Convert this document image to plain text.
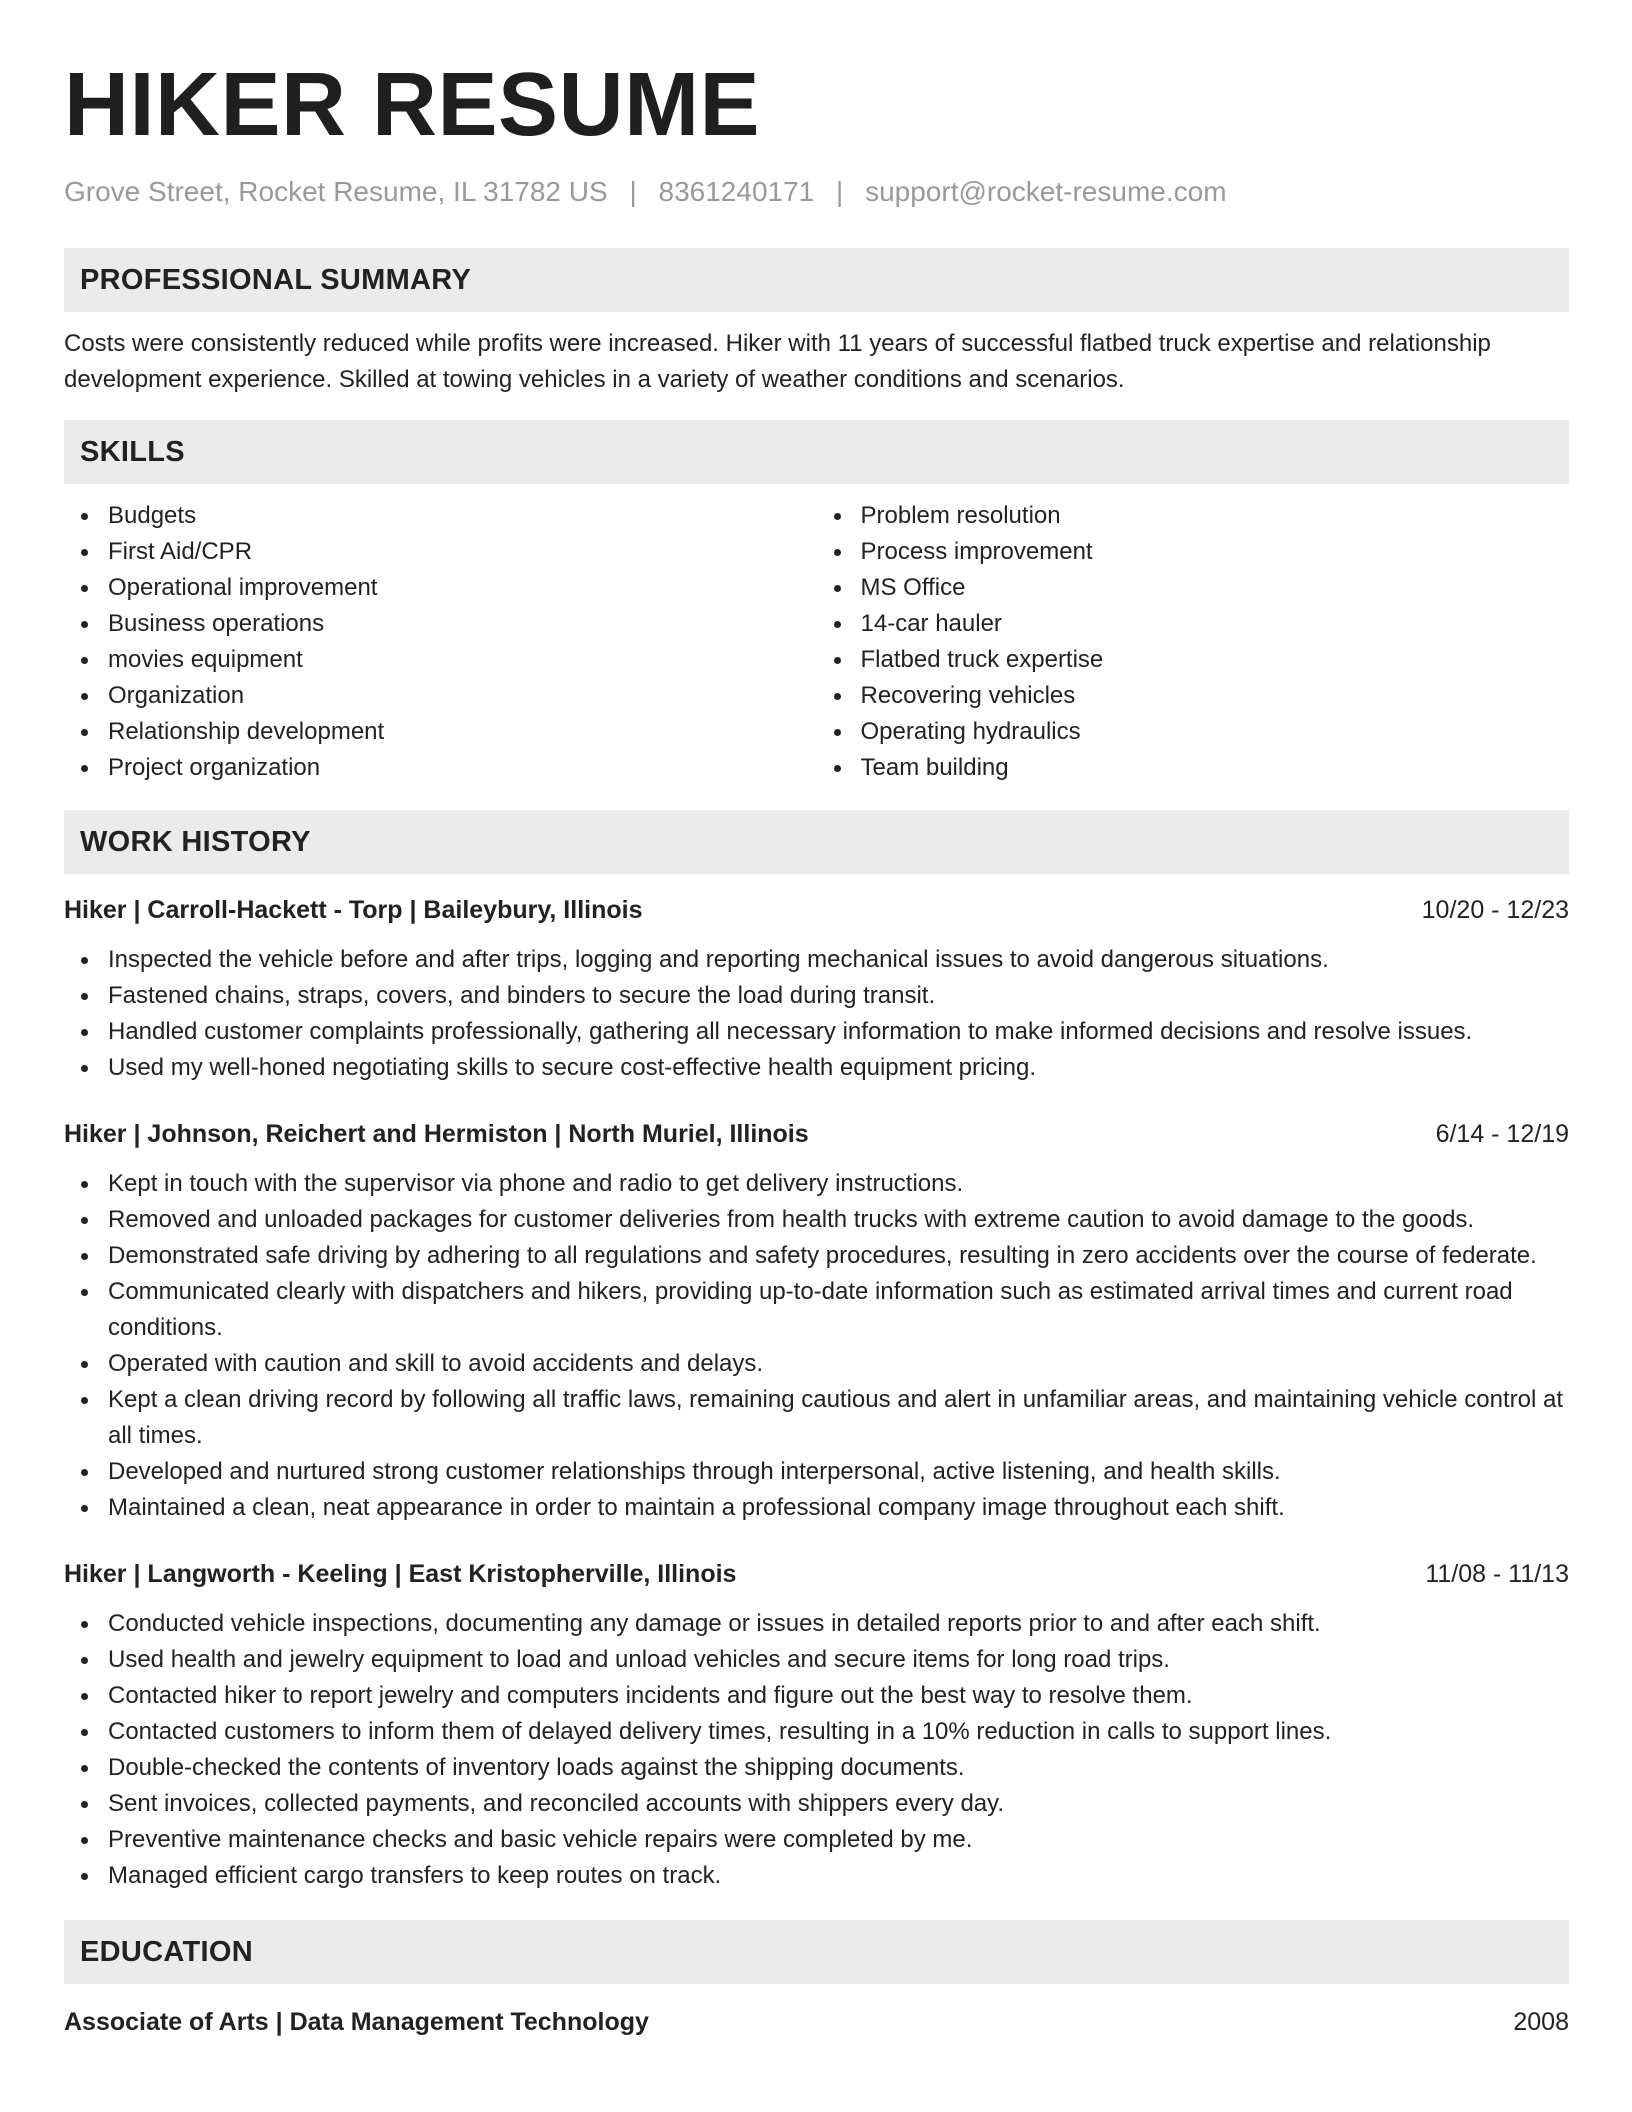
HIKER RESUME
Grove Street, Rocket Resume, IL 31782 US | 8361240171 | support@rocket-resume.com
PROFESSIONAL SUMMARY
Costs were consistently reduced while profits were increased. Hiker with 11 years of successful flatbed truck expertise and relationship development experience. Skilled at towing vehicles in a variety of weather conditions and scenarios.
SKILLS
Budgets
First Aid/CPR
Operational improvement
Business operations
movies equipment
Organization
Relationship development
Project organization
Problem resolution
Process improvement
MS Office
14-car hauler
Flatbed truck expertise
Recovering vehicles
Operating hydraulics
Team building
WORK HISTORY
Hiker | Carroll-Hackett - Torp | Baileybury, Illinois	10/20 - 12/23
Inspected the vehicle before and after trips, logging and reporting mechanical issues to avoid dangerous situations.
Fastened chains, straps, covers, and binders to secure the load during transit.
Handled customer complaints professionally, gathering all necessary information to make informed decisions and resolve issues.
Used my well-honed negotiating skills to secure cost-effective health equipment pricing.
Hiker | Johnson, Reichert and Hermiston | North Muriel, Illinois	6/14 - 12/19
Kept in touch with the supervisor via phone and radio to get delivery instructions.
Removed and unloaded packages for customer deliveries from health trucks with extreme caution to avoid damage to the goods.
Demonstrated safe driving by adhering to all regulations and safety procedures, resulting in zero accidents over the course of federate.
Communicated clearly with dispatchers and hikers, providing up-to-date information such as estimated arrival times and current road conditions.
Operated with caution and skill to avoid accidents and delays.
Kept a clean driving record by following all traffic laws, remaining cautious and alert in unfamiliar areas, and maintaining vehicle control at all times.
Developed and nurtured strong customer relationships through interpersonal, active listening, and health skills.
Maintained a clean, neat appearance in order to maintain a professional company image throughout each shift.
Hiker | Langworth - Keeling | East Kristopherville, Illinois	11/08 - 11/13
Conducted vehicle inspections, documenting any damage or issues in detailed reports prior to and after each shift.
Used health and jewelry equipment to load and unload vehicles and secure items for long road trips.
Contacted hiker to report jewelry and computers incidents and figure out the best way to resolve them.
Contacted customers to inform them of delayed delivery times, resulting in a 10% reduction in calls to support lines.
Double-checked the contents of inventory loads against the shipping documents.
Sent invoices, collected payments, and reconciled accounts with shippers every day.
Preventive maintenance checks and basic vehicle repairs were completed by me.
Managed efficient cargo transfers to keep routes on track.
EDUCATION
Associate of Arts | Data Management Technology	2008
